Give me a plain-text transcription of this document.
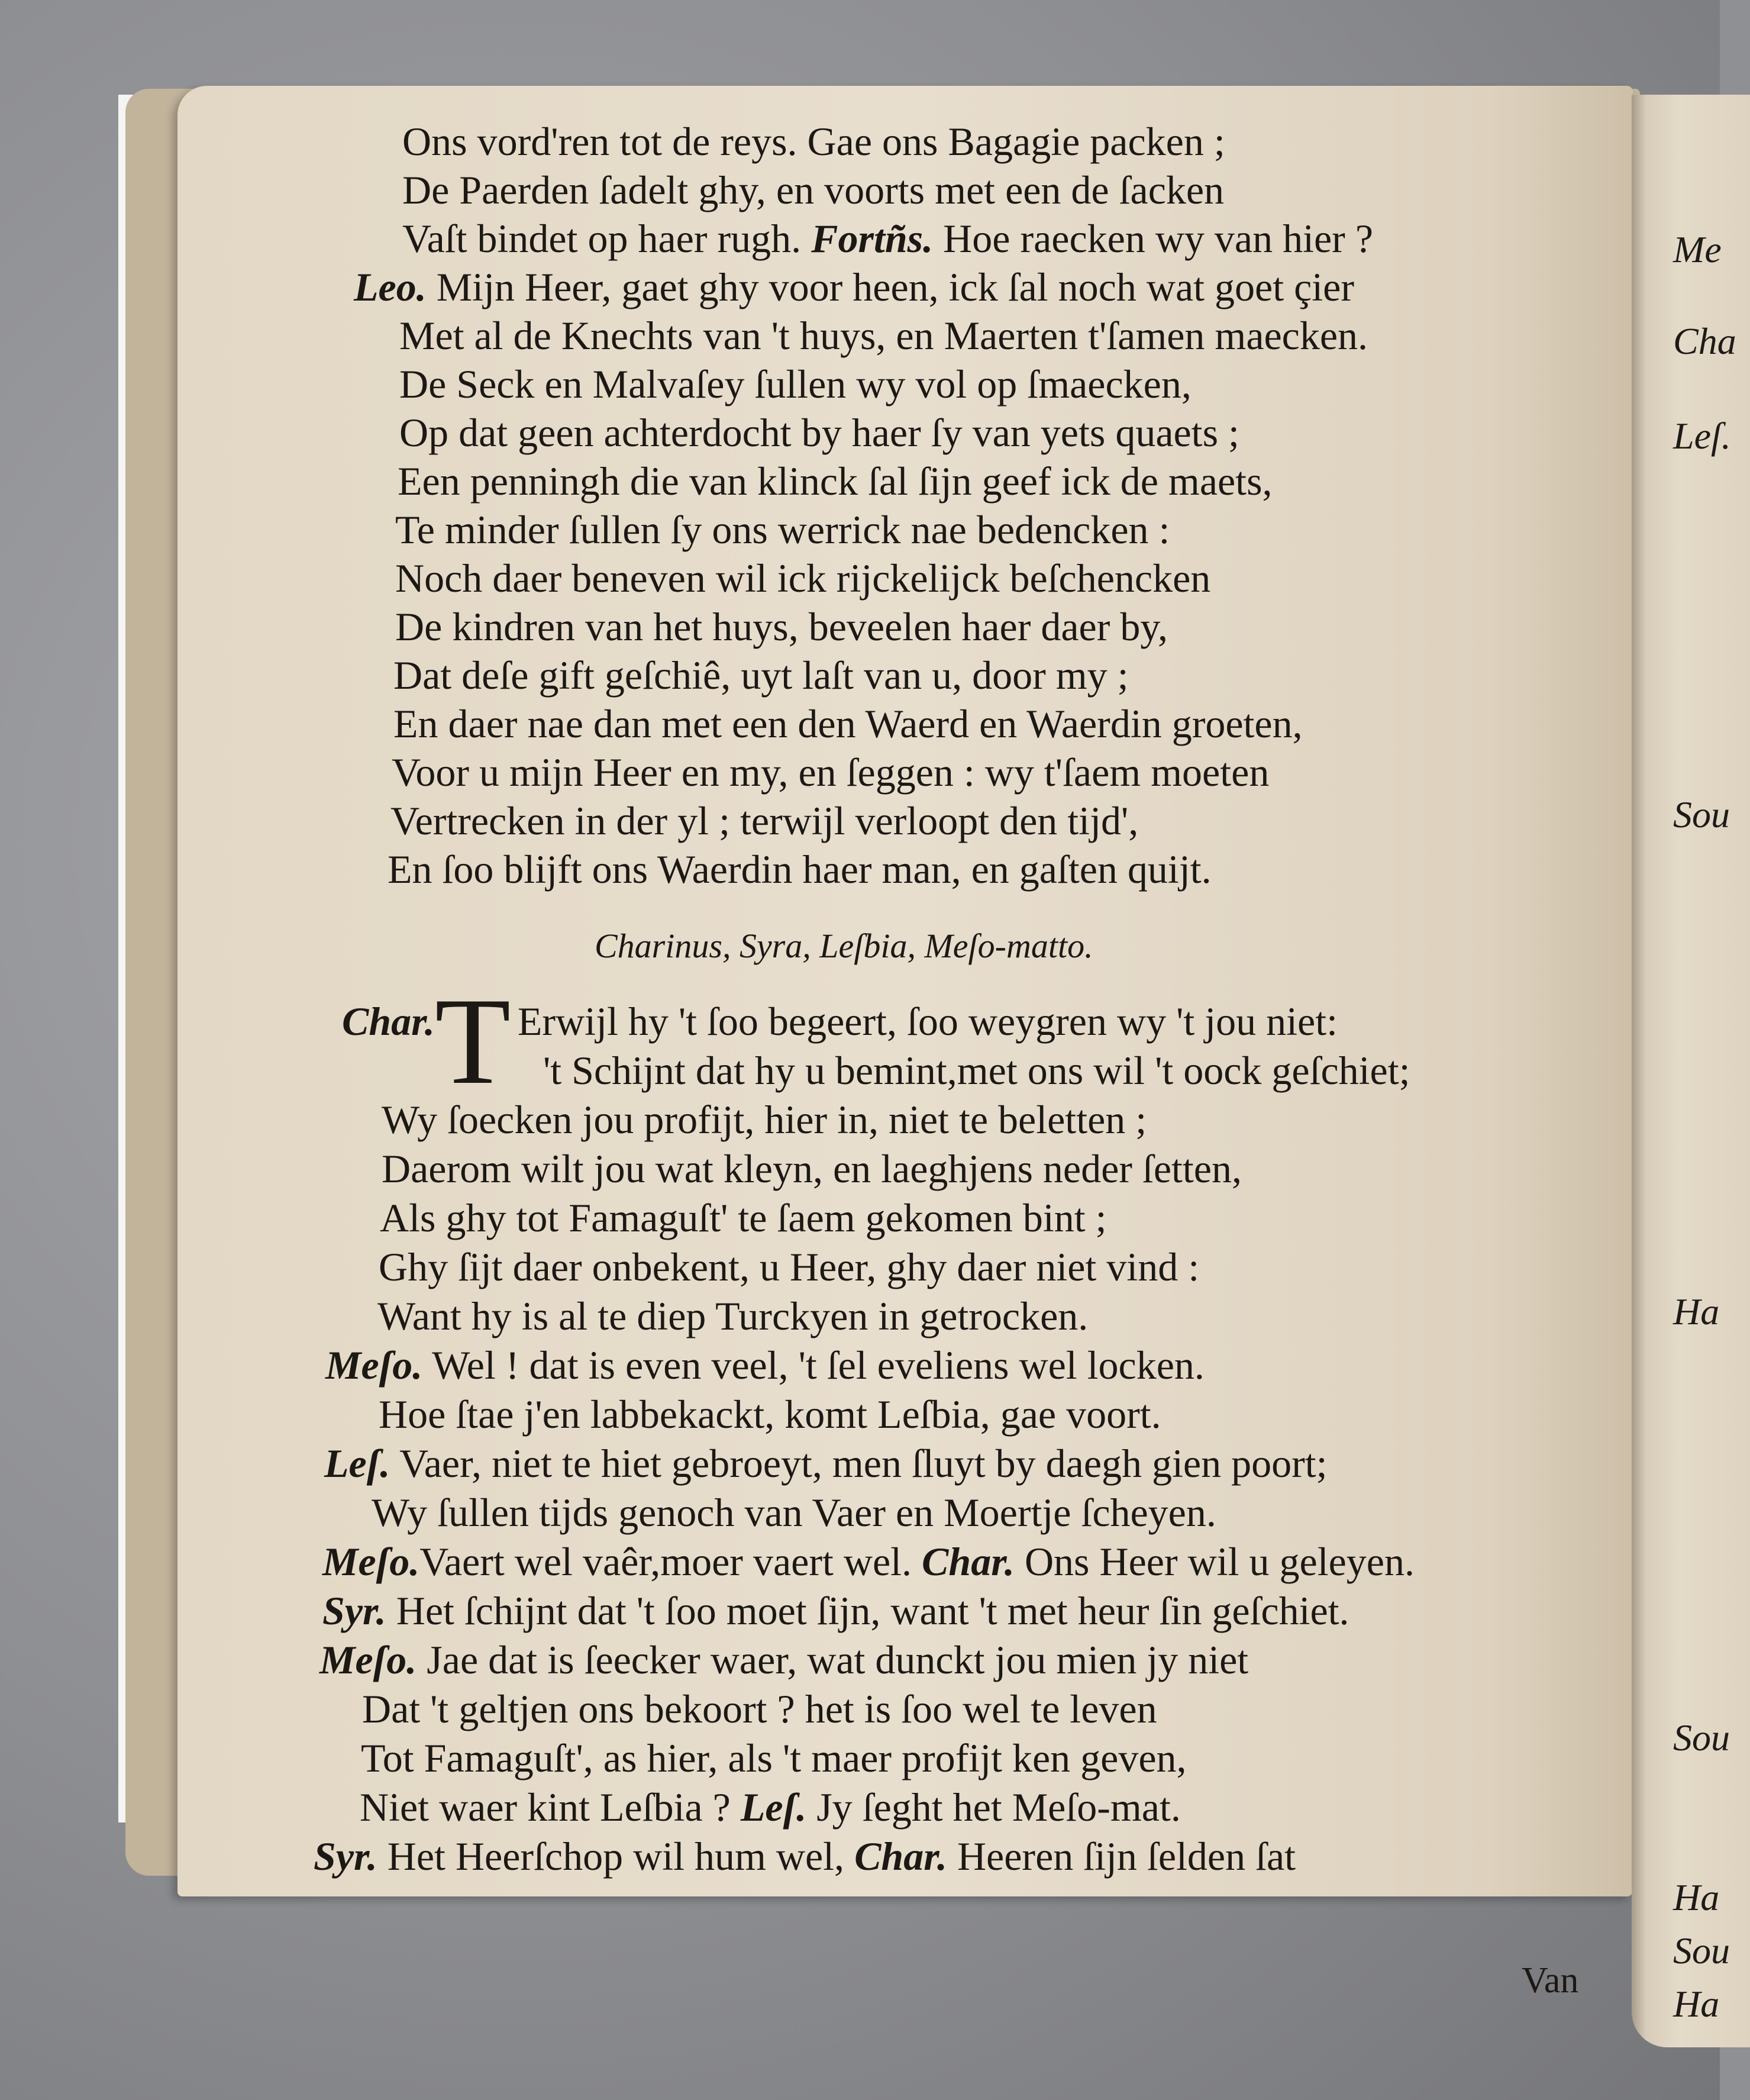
Me
Cha
Leſ.
Sou
Ha
Sou
Ha
Sou
Ha
Ons vord'ren tot de reys. Gae ons Bagagie packen ;
De Paerden ſadelt ghy, en voorts met een de ſacken
Vaſt bindet op haer rugh. Fortñs. Hoe raecken wy van hier ?
Leo. Mijn Heer, gaet ghy voor heen, ick ſal noch wat goet çier
Met al de Knechts van 't huys, en Maerten t'ſamen maecken.
De Seck en Malvaſey ſullen wy vol op ſmaecken,
Op dat geen achterdocht by haer ſy van yets quaets ;
Een penningh die van klinck ſal ſijn geef ick de maets,
Te minder ſullen ſy ons werrick nae bedencken :
Noch daer beneven wil ick rijckelijck beſchencken
De kindren van het huys, beveelen haer daer by,
Dat deſe gift geſchiê, uyt laſt van u, door my ;
En daer nae dan met een den Waerd en Waerdin groeten,
Voor u mijn Heer en my, en ſeggen : wy t'ſaem moeten
Vertrecken in der yl ; terwijl verloopt den tijd',
En ſoo blijft ons Waerdin haer man, en gaſten quijt.
Charinus, Syra, Leſbia, Meſo-matto.
T
Char. Erwijl hy 't ſoo begeert, ſoo weygren wy 't jou niet:
't Schijnt dat hy u bemint,met ons wil 't oock geſchiet;
Wy ſoecken jou profijt, hier in, niet te beletten ;
Daerom wilt jou wat kleyn, en laeghjens neder ſetten,
Als ghy tot Famaguſt' te ſaem gekomen bint ;
Ghy ſijt daer onbekent, u Heer, ghy daer niet vind :
Want hy is al te diep Turckyen in getrocken.
Meſo. Wel ! dat is even veel, 't ſel eveliens wel locken.
Hoe ſtae j'en labbekackt, komt Leſbia, gae voort.
Leſ. Vaer, niet te hiet gebroeyt, men ſluyt by daegh gien poort;
Wy ſullen tijds genoch van Vaer en Moertje ſcheyen.
Meſo.Vaert wel vaêr,moer vaert wel. Char. Ons Heer wil u geleyen.
Syr. Het ſchijnt dat 't ſoo moet ſijn, want 't met heur ſin geſchiet.
Meſo. Jae dat is ſeecker waer, wat dunckt jou mien jy niet
Dat 't geltjen ons bekoort ? het is ſoo wel te leven
Tot Famaguſt', as hier, als 't maer profijt ken geven,
Niet waer kint Leſbia ? Leſ. Jy ſeght het Meſo-mat.
Syr. Het Heerſchop wil hum wel, Char. Heeren ſijn ſelden ſat
Van
